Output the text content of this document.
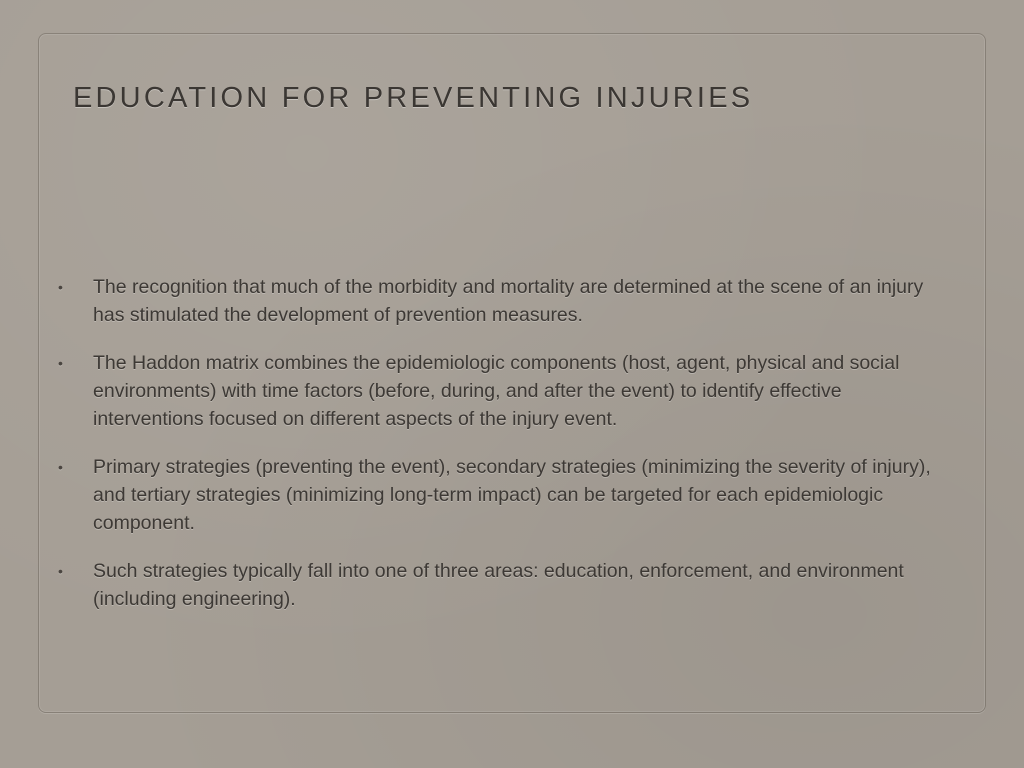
EDUCATION FOR PREVENTING INJURIES
• The recognition that much of the morbidity and mortality are determined at the scene of an injury has stimulated the development of prevention measures.
• The Haddon matrix combines the epidemiologic components (host, agent, physical and social environments) with time factors (before, during, and after the event) to identify effective interventions focused on different aspects of the injury event.
• Primary strategies (preventing the event), secondary strategies (minimizing the severity of injury), and tertiary strategies (minimizing long-term impact) can be targeted for each epidemiologic component.
• Such strategies typically fall into one of three areas: education, enforcement, and environment (including engineering).
